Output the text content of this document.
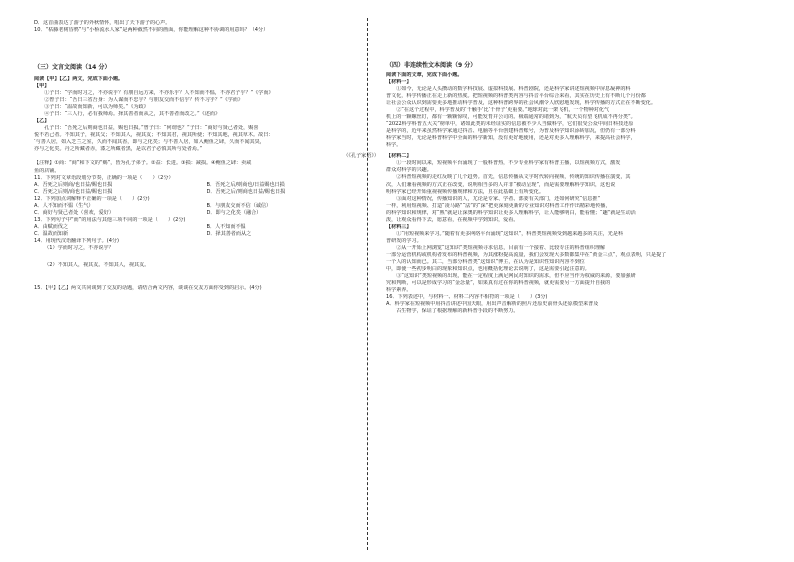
D．这首曲表达了游子的外秋情怀，唱出了天下游子的心声。
10．“枯藤老树昏鸦”与“小桥流水人家”是两种截然不同的画面，你能理解这种不协调的用意吗？（4分）
（三）文言文阅读（14 分）
阅读【甲】【乙】两文，完成下面小题。
【甲】
①子曰：“学而时习之，不亦说乎？有朋自远方来，不亦乐乎？人不知而不愠，不亦君子乎？”《学而》
②曾子曰：“吾日三省吾身：为人谋而不忠乎？与朋友交而不信乎？传不习乎？”《学而》
③子曰：“温故而知新，可以为师矣。”《为政》
④子曰：“三人行，必有我师焉。择其善者而从之，其不善者而改之。”《述而》
【乙】
孔子曰：“吾死之后则商也日益，赐也日损。”曾子曰：“何谓也？”子曰：“商好与贤己者处，赐喜
悦不若己者。不知其子，视其父；不知其人，视其友；不知其君，视其所使；不知其地，视其草木。故曰：
‘与善人居，如入芝兰之室，久而不闻其香，即与之化矣；与不善人居，如入鲍鱼之肆，久而不闻其臭，
亦与之化矣。丹之所藏者赤，漆之所藏者黑，是以君子必慎其所与处者焉。”
（《孔子家语》）
【注释】①商：“商”和下文的“赐”，皆为孔子弟子。②益：长进。③损：减损。④鲍鱼之肆：卖咸
鱼的店铺。
11．下列对文章语段划分节奏，正确的一项是（　　）（2分）
A．吾死之后则商/也日益/赐也日损	B．吾死之后/则商也/日益赐也日损
C．吾死之后则/商也日益/赐也日损	D．吾死之后/则商也日益/赐也日损
12．下列加点词解释不正确的一项是（　　）(2分)
A．人不知而不愠（生气）	B．与朋友交而不信（诚信）
C．商好与贤己者处（喜欢，爱好）	D．即与之化矣（融合）
13．下列句子中“而”的用法与其他三项不同的一项是（　　）(2分)
A．由赋而伐之	B．人不知而不愠
C．温故而知新	D．择其善者而从之
14．用现代汉语翻译下列句子。(4分)
（1）学而时习之，不亦说乎？
（2）不知其人，视其友。不知其人，视其友。
15．【甲】【乙】两文共同谈到了交友的话题，请结合两文内容，谈谈在交友方面你受到的启示。(4分)
（四）非连续性文本阅读（9 分）
阅读下面的文章，完成下面小题。
【材料一】
①如今，无论是人头攒动的数字科技展、虚拟科技展、科普剧院，还是科学家讲述短视频中屏息凝神的科
普文化，科学传播正在走上新的热度。把短视频的科普类内容与抖音平台综合来看，其实在历史上有不断几个月份都
让社会公众认识到需要更多地推动科学普及，这种科普跨界的社会风潮令人欣慰地发现，科学传播的方式正在不断变化。
②“在这个过程中，科学普及的‘千触手’比‘千骨子’更重要。”地球对此一架飞机，一个物种对化气
机上的一颗螺丝钉，都有一颗颗惊叹，可能发育并公司的。极端通常的诸到为，“航天员有望飞机成不再分类”。
“2022科学科普五大关”榜单中，诸如此类的未经证实的信息被不少人当做科学，它们很受公众中间日科技还原
是科学的，近年来虽然科学家通过抖音、电脑等平台创建科普账号，为普及科学知识添砖加瓦，但仍有一部分科
科学家当时，无论是科普科学中全面的科学新知，没有更好地使用，还是对更多人理解科学，来提高社会科学，
科学。
【材料二】
①一段时间以来，短视频平台涌现了一股科普热，不少专业科学家有科普主播，以短视频方式，激发
群众对科学的兴趣。
②科普短视频的走红反映了几个趋势。首先，信息传播从文字时代转向视频，传统的知识传播在演变，其
次，人们兼看视频的方式正在改变，说明相当多的人并非“被动呈现”，而是需要理解科学知识，这也说
明科学家已经开始重视视频传播规律和方法，且在此基础上有所变化。
③面对这种情况，传播知识的人，尤论是专家、学者、部委有关部门，还如何研究“信息推”
一样，利用短视频、打造“凌马路”“法”的“深”把更深刻更新的专业知识对科普工作作出精彩地传播，
的科学知识和规律，对“熟”就是让深奥的科学知识让更多人理解科学，让人能够明白，能看懂；“趣”就是生动活
泼，让观众看得下去，愿意看，在视频中学到知识，爱看。
【材料三】
①“用短视频来学习。”随着有更多网络平台涌现“这知识”，科普类短视频受到越来越多的关注，光是科
普研发的学习。
②从一开始上网浏览“这知识”类短视频寻求信息，目前有一个接着、比较专注的科普组织理解
一部分运营机构或机构者发布的科普视频，为其涨粉提高流量，我们会发现大多数都集中在“黄金三点”，观点表明，只是提了
一个人的认知而已。其二，当部分科普类“这知识”博主，在认为是知识性知识内容不到位
中，即使一些初步明白的现象和知识点，也用概括化理论去说明了，这是需要引起注意的。
③“这知识”类短视频的出现，能在一定程度上满足网民对知识的需求，但不应当作为权威的来源，要加强研
究和判断，可以是形成学习的“金念量”，如果真有过在你的科普视频，就更需要另一方面提升自我的
科学素养。
16．下列表述中，与材料一、材料二内容不相符的一项是（　　）(3分)
A．科学家在短视频中用抖音讲述中国天眼，用出声音解析的照片还原史前骨头还原模型来普及
古生物学，保证了根据理解的新科普手段的不断努力。
